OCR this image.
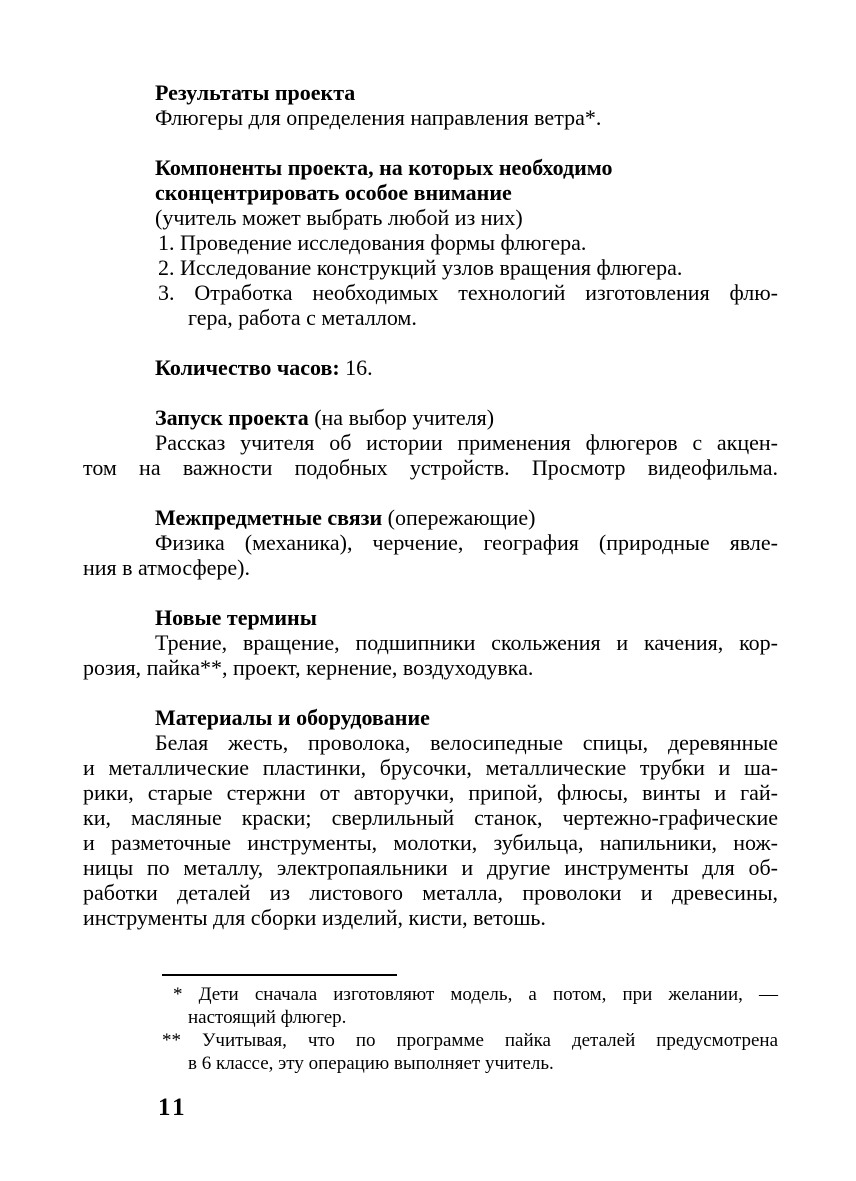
Результаты проекта
Флюгеры для определения направления ветра*.
Компоненты проекта, на которых необходимо
сконцентрировать особое внимание
(учитель может выбрать любой из них)
1. Проведение исследования формы флюгера.
2. Исследование конструкций узлов вращения флюгера.
3. Отработка необходимых технологий изготовления флю-
гера, работа с металлом.
Количество часов: 16.
Запуск проекта (на выбор учителя)
Рассказ учителя об истории применения флюгеров с акцен-
том на важности подобных устройств. Просмотр видеофильма.
Межпредметные связи (опережающие)
Физика (механика), черчение, география (природные явле-
ния в атмосфере).
Новые термины
Трение, вращение, подшипники скольжения и качения, кор-
розия, пайка**, проект, кернение, воздуходувка.
Материалы и оборудование
Белая жесть, проволока, велосипедные спицы, деревянные
и металлические пластинки, брусочки, металлические трубки и ша-
рики, старые стержни от авторучки, припой, флюсы, винты и гай-
ки, масляные краски; сверлильный станок, чертежно-графические
и разметочные инструменты, молотки, зубильца, напильники, нож-
ницы по металлу, электропаяльники и другие инструменты для об-
работки деталей из листового металла, проволоки и древесины,
инструменты для сборки изделий, кисти, ветошь.
* Дети сначала изготовляют модель, а потом, при желании, —
настоящий флюгер.
** Учитывая, что по программе пайка деталей предусмотрена
в 6 классе, эту операцию выполняет учитель.
11
